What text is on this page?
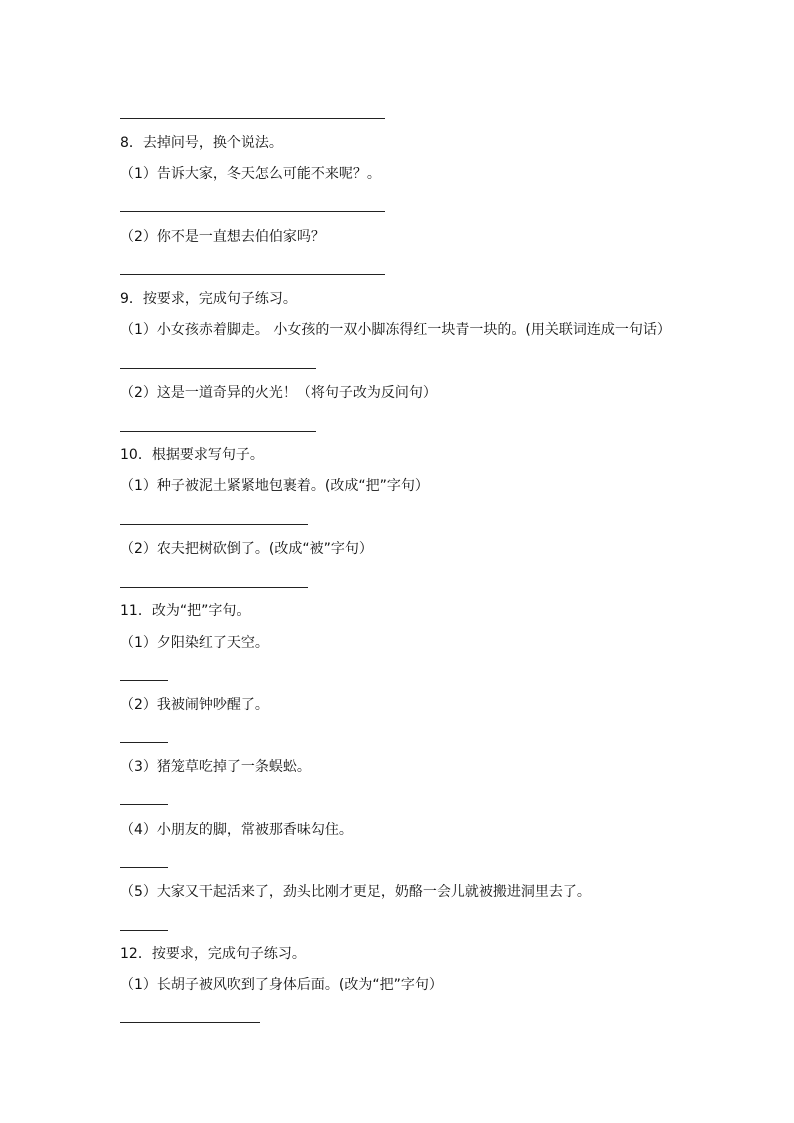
8．去掉问号，换个说法。
（1）告诉大家，冬天怎么可能不来呢？。
（2）你不是一直想去伯伯家吗？
9．按要求，完成句子练习。
（1）小女孩赤着脚走。 小女孩的一双小脚冻得红一块青一块的。(用关联词连成一句话）
（2）这是一道奇异的火光！（将句子改为反问句）
10．根据要求写句子。
（1）种子被泥土紧紧地包裹着。(改成“把”字句）
（2）农夫把树砍倒了。(改成“被”字句）
11．改为“把”字句。
（1）夕阳染红了天空。
（2）我被闹钟吵醒了。
（3）猪笼草吃掉了一条蜈蚣。
（4）小朋友的脚，常被那香味勾住。
（5）大家又干起活来了，劲头比刚才更足，奶酪一会儿就被搬进洞里去了。
12．按要求，完成句子练习。
（1）长胡子被风吹到了身体后面。(改为“把”字句）
